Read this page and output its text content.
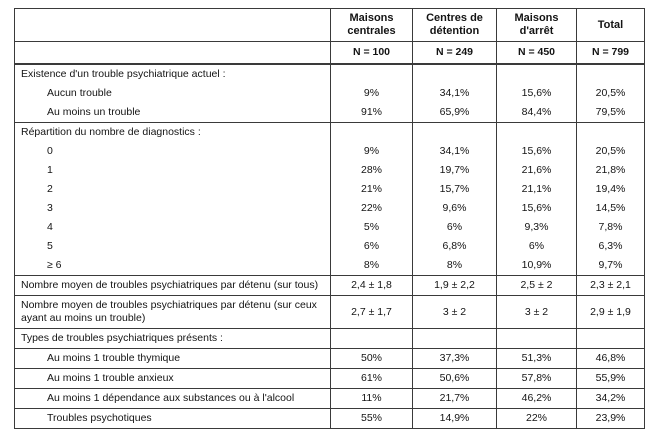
	Maisons centrales	Centres de détention	Maisons d'arrêt	Total
	N = 100	N = 249	N = 450	N = 799
Existence d'un trouble psychiatrique actuel :				
Aucun trouble	9%	34,1%	15,6%	20,5%
Au moins un trouble	91%	65,9%	84,4%	79,5%
Répartition du nombre de diagnostics :				
0	9%	34,1%	15,6%	20,5%
1	28%	19,7%	21,6%	21,8%
2	21%	15,7%	21,1%	19,4%
3	22%	9,6%	15,6%	14,5%
4	5%	6%	9,3%	7,8%
5	6%	6,8%	6%	6,3%
≥ 6	8%	8%	10,9%	9,7%
Nombre moyen de troubles psychiatriques par détenu (sur tous)	2,4 ± 1,8	1,9 ± 2,2	2,5 ± 2	2,3 ± 2,1
Nombre moyen de troubles psychiatriques par détenu (sur ceux ayant au moins un trouble)	2,7 ± 1,7	3 ± 2	3 ± 2	2,9 ± 1,9
Types de troubles psychiatriques présents :				
Au moins 1 trouble thymique	50%	37,3%	51,3%	46,8%
Au moins 1 trouble anxieux	61%	50,6%	57,8%	55,9%
Au moins 1 dépendance aux substances ou à l'alcool	11%	21,7%	46,2%	34,2%
Troubles psychotiques	55%	14,9%	22%	23,9%
